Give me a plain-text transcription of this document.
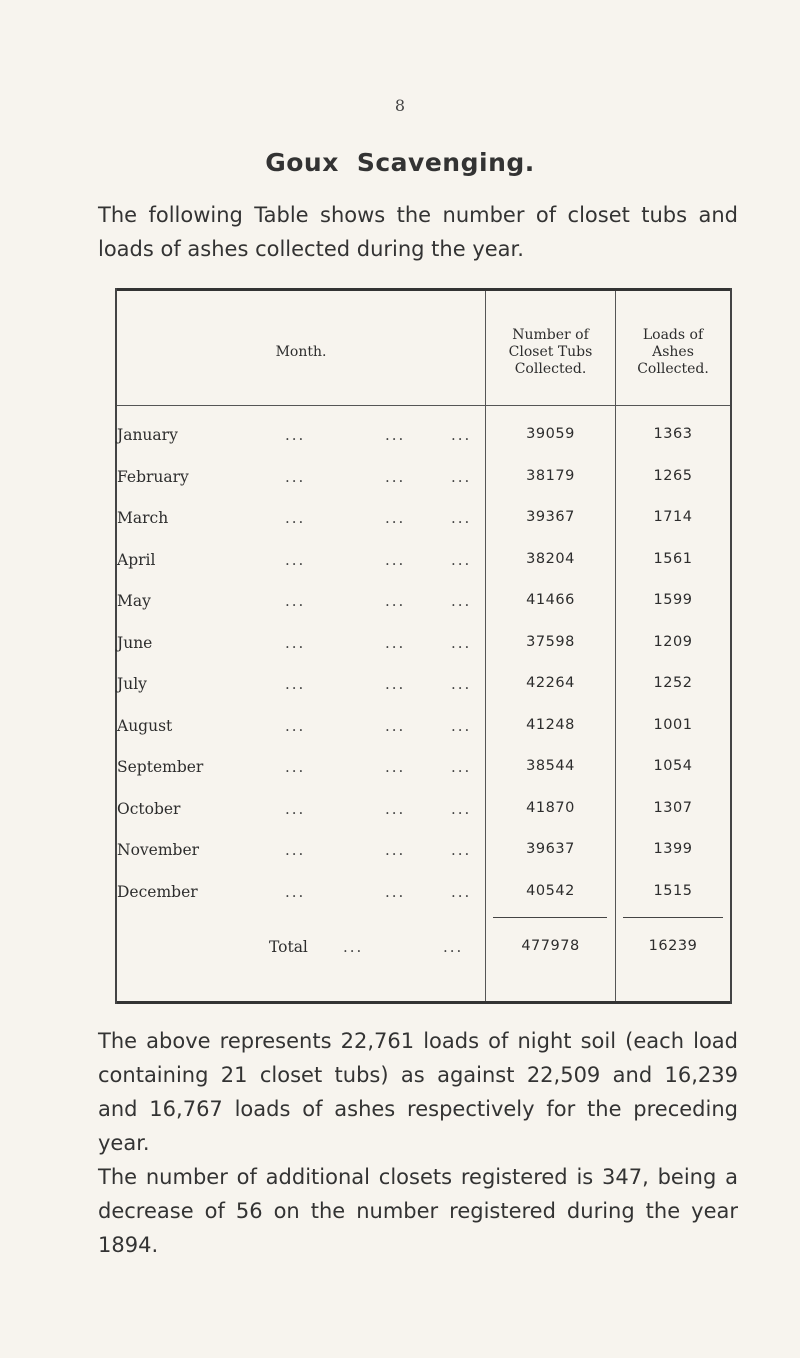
8
Goux Scavenging.
The following Table shows the number of closet tubs and loads of ashes collected during the year.
Month.
Number of
Closet Tubs
Collected.
Loads of
Ashes
Collected.
January	...	...	...	39059	1363
February	...	...	...	38179	1265
March	...	...	...	39367	1714
April	...	...	...	38204	1561
May	...	...	...	41466	1599
June	...	...	...	37598	1209
July	...	...	...	42264	1252
August	...	...	...	41248	1001
September	...	...	...	38544	1054
October	...	...	...	41870	1307
November	...	...	...	39637	1399
December	...	...	...	40542	1515
Total ...	...	477978	16239
The above represents 22,761 loads of night soil (each load containing 21 closet tubs) as against 22,509 and 16,239 and 16,767 loads of ashes respectively for the preceding year.
The number of additional closets registered is 347, being a decrease of 56 on the number registered during the year 1894.
